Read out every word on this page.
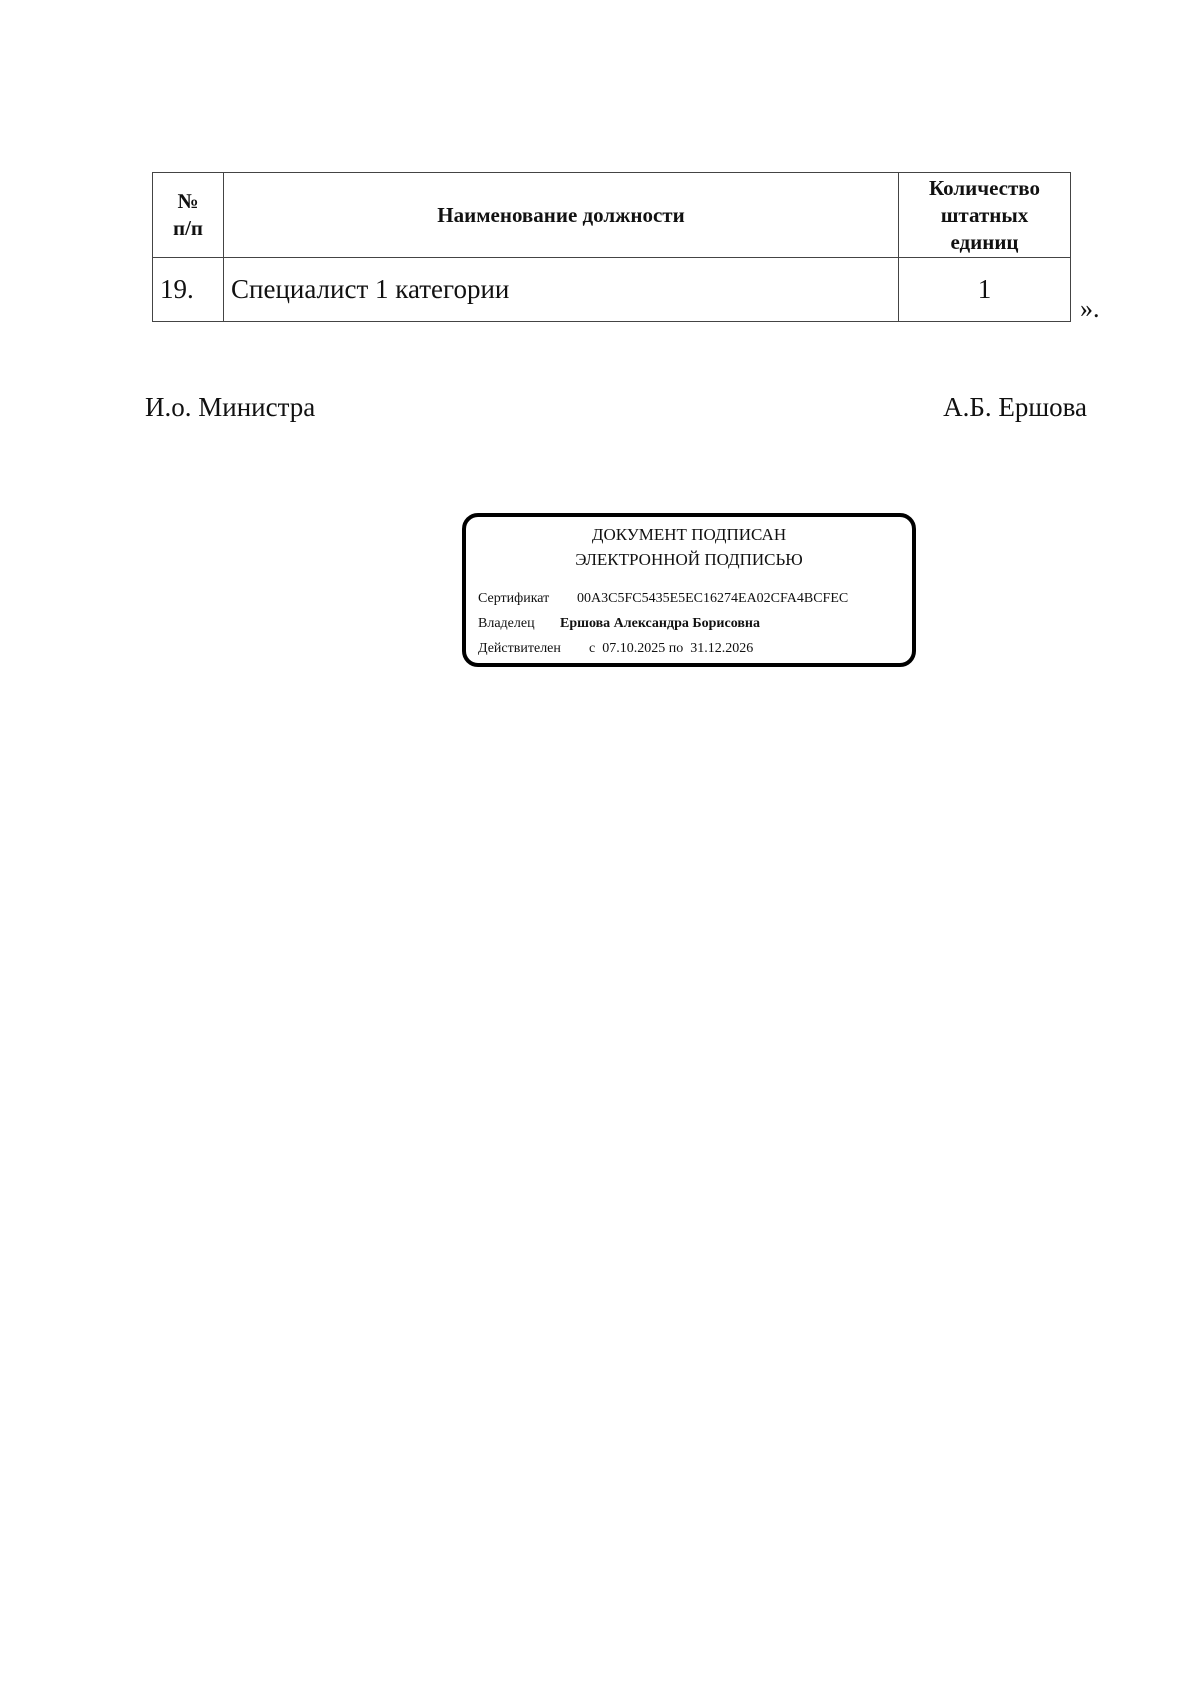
№
п/п	Наименование должности	Количество
штатных
единиц
19.	Специалист 1 категории	1
».
И.о. Министра	А.Б. Ершова
ДОКУМЕНТ ПОДПИСАН
ЭЛЕКТРОННОЙ ПОДПИСЬЮ
Сертификат 00A3C5FC5435E5EC16274EA02CFA4BCFEC
Владелец Ершова Александра Борисовна
Действителен с  07.10.2025 по  31.12.2026
